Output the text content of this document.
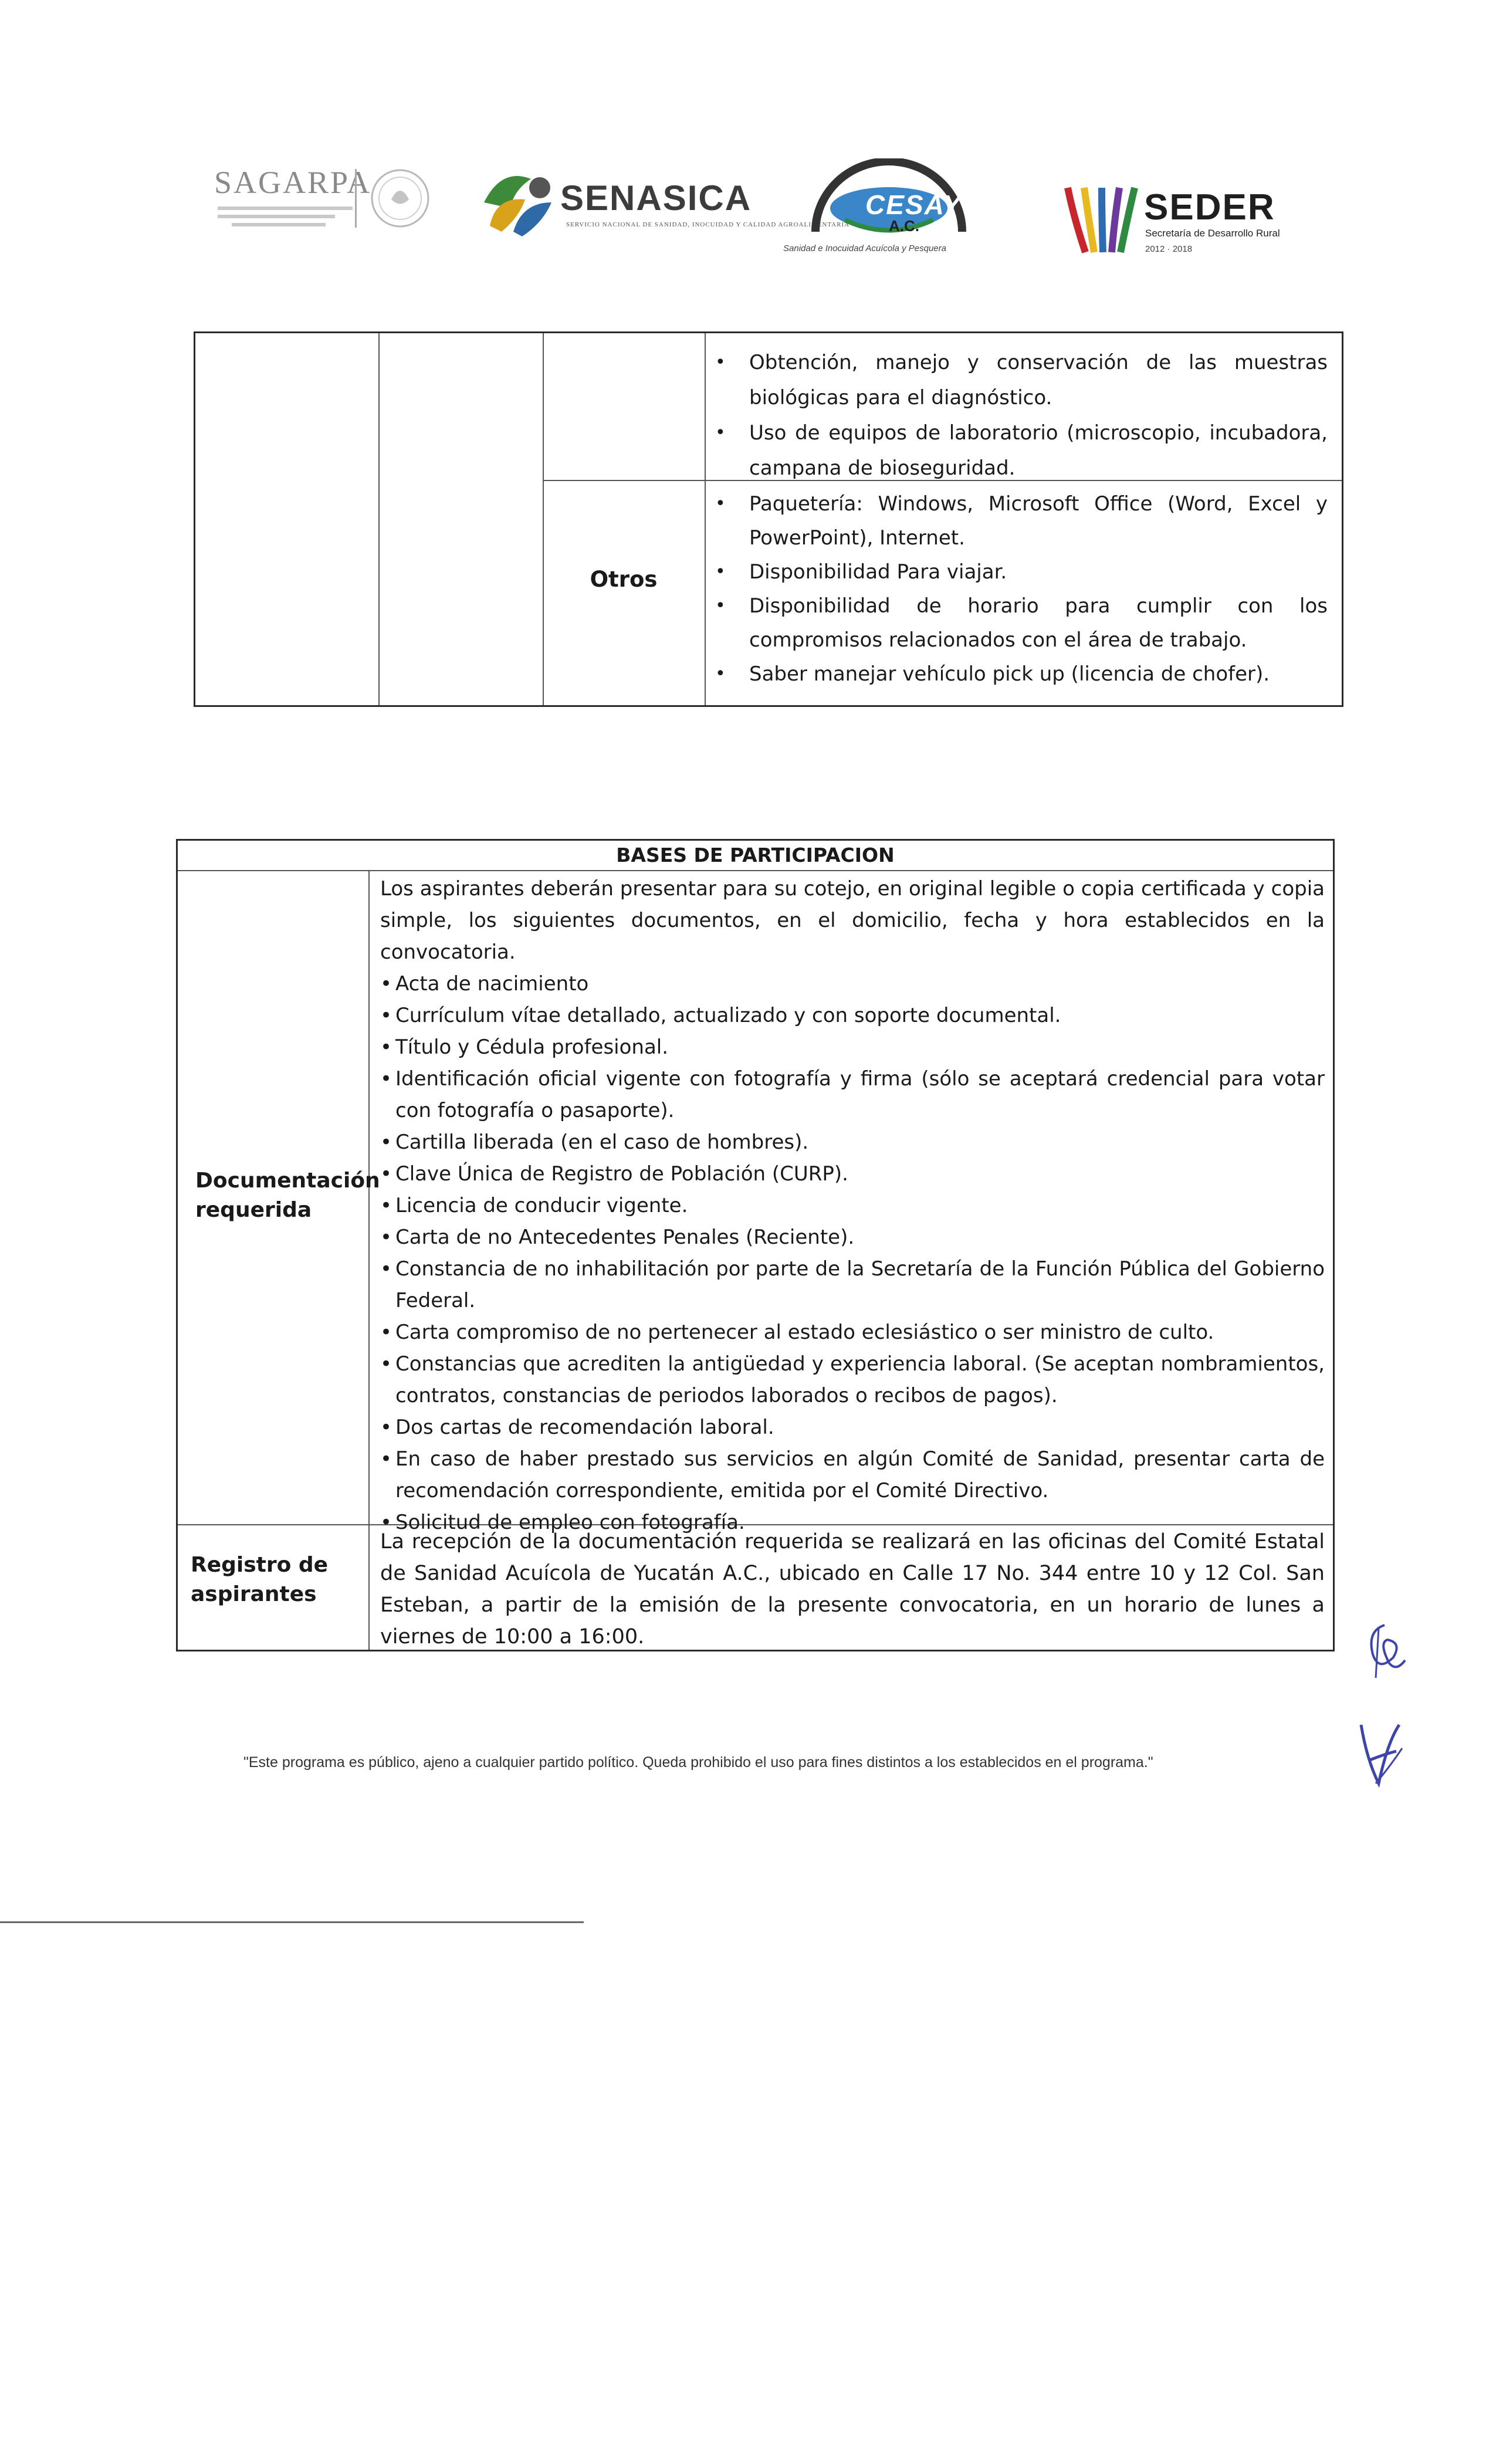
SAGARPA	SENASICA
SERVICIO NACIONAL DE SANIDAD, INOCUIDAD Y CALIDAD AGROALIMENTARIA
CESAY
A.C.
Sanidad e Inocuidad Acuícola y Pesquera
SEDER
Secretaría de Desarrollo Rural
2012 · 2018
• Obtención, manejo y conservación de las muestras biológicas para el diagnóstico.
• Uso de equipos de laboratorio (microscopio, incubadora, campana de bioseguridad.
Otros
• Paquetería: Windows, Microsoft Office (Word, Excel y PowerPoint), Internet.
• Disponibilidad Para viajar.
• Disponibilidad de horario para cumplir con los compromisos relacionados con el área de trabajo.
• Saber manejar vehículo pick up (licencia de chofer).
BASES DE PARTICIPACION
Documentación requerida
Los aspirantes deberán presentar para su cotejo, en original legible o copia certificada y copia simple, los siguientes documentos, en el domicilio, fecha y hora establecidos en la convocatoria.
• Acta de nacimiento
• Currículum vítae detallado, actualizado y con soporte documental.
• Título y Cédula profesional.
• Identificación oficial vigente con fotografía y firma (sólo se aceptará credencial para votar con fotografía o pasaporte).
• Cartilla liberada (en el caso de hombres).
• Clave Única de Registro de Población (CURP).
• Licencia de conducir vigente.
• Carta de no Antecedentes Penales (Reciente).
• Constancia de no inhabilitación por parte de la Secretaría de la Función Pública del Gobierno Federal.
• Carta compromiso de no pertenecer al estado eclesiástico o ser ministro de culto.
• Constancias que acrediten la antigüedad y experiencia laboral. (Se aceptan nombramientos, contratos, constancias de periodos laborados o recibos de pagos).
• Dos cartas de recomendación laboral.
• En caso de haber prestado sus servicios en algún Comité de Sanidad, presentar carta de recomendación correspondiente, emitida por el Comité Directivo.
• Solicitud de empleo con fotografía.
Registro de aspirantes
La recepción de la documentación requerida se realizará en las oficinas del Comité Estatal de Sanidad Acuícola de Yucatán A.C., ubicado en Calle 17 No. 344 entre 10 y 12 Col. San Esteban, a partir de la emisión de la presente convocatoria, en un horario de lunes a viernes de 10:00 a 16:00.
"Este programa es público, ajeno a cualquier partido político. Queda prohibido el uso para fines distintos a los establecidos en el programa."
